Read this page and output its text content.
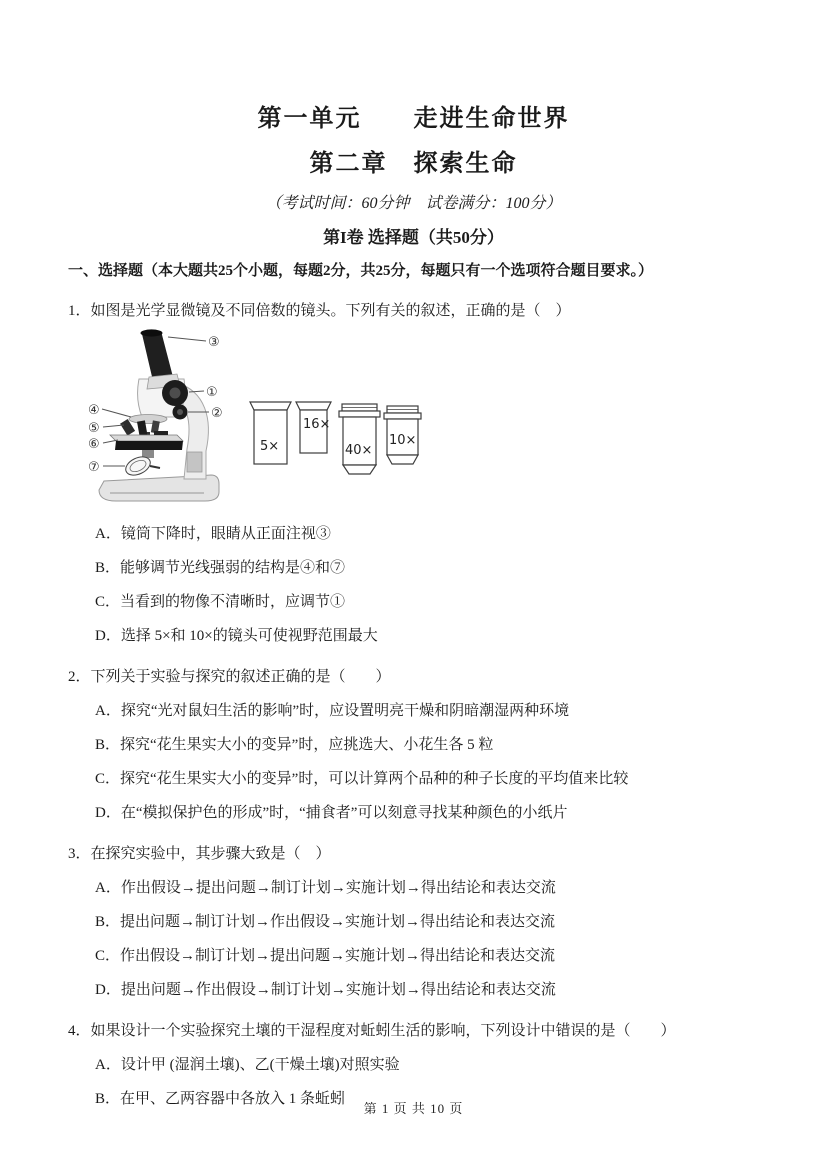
第一单元　　走进生命世界
第二章　探索生命
（考试时间：60分钟　试卷满分：100分）
第I卷 选择题（共50分）
一、选择题（本大题共25个小题，每题2分，共25分，每题只有一个选项符合题目要求。）
1．如图是光学显微镜及不同倍数的镜头。下列有关的叙述，正确的是（　）
③
①
②
④
⑤
⑥
⑦
5×
16×
40×
10×
A．镜筒下降时，眼睛从正面注视③
B．能够调节光线强弱的结构是④和⑦
C．当看到的物像不清晰时，应调节①
D．选择 5×和 10×的镜头可使视野范围最大
2．下列关于实验与探究的叙述正确的是（　　）
A．探究“光对鼠妇生活的影响”时，应设置明亮干燥和阴暗潮湿两种环境
B．探究“花生果实大小的变异”时，应挑选大、小花生各 5 粒
C．探究“花生果实大小的变异”时，可以计算两个品种的种子长度的平均值来比较
D．在“模拟保护色的形成”时，“捕食者”可以刻意寻找某种颜色的小纸片
3．在探究实验中，其步骤大致是（　）
A．作出假设→提出问题→制订计划→实施计划→得出结论和表达交流
B．提出问题→制订计划→作出假设→实施计划→得出结论和表达交流
C．作出假设→制订计划→提出问题→实施计划→得出结论和表达交流
D．提出问题→作出假设→制订计划→实施计划→得出结论和表达交流
4．如果设计一个实验探究土壤的干湿程度对蚯蚓生活的影响，下列设计中错误的是（　　）
A．设计甲 (湿润土壤)、乙(干燥土壤)对照实验
B．在甲、乙两容器中各放入 1 条蚯蚓
第 1 页 共 10 页
